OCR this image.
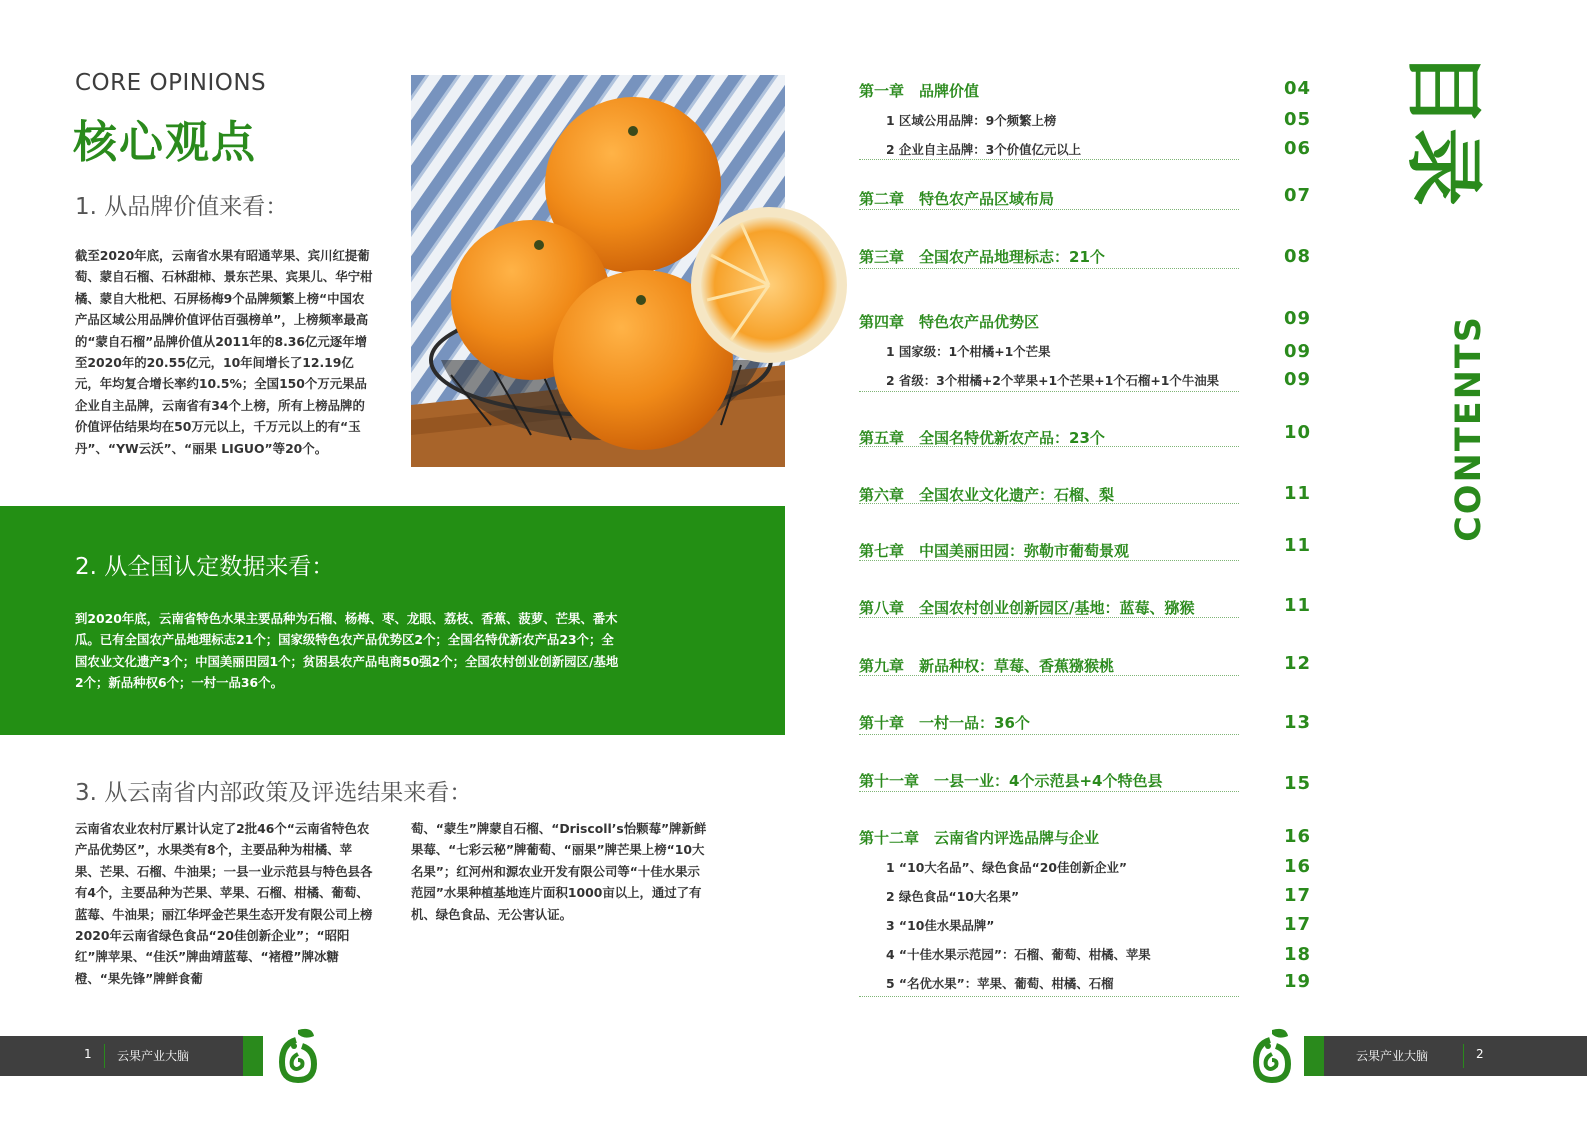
CORE OPINIONS
核心观点
1. 从品牌价值来看：
截至2020年底，云南省水果有昭通苹果、宾川红提葡萄、蒙自石榴、石林甜柿、景东芒果、宾果儿、华宁柑橘、蒙自大枇杷、石屏杨梅9个品牌频繁上榜“中国农产品区域公用品牌价值评估百强榜单”，上榜频率最高的“蒙自石榴”品牌价值从2011年的8.36亿元逐年增至2020年的20.55亿元，10年间增长了12.19亿元，年均复合增长率约10.5%；全国150个万元果品企业自主品牌，云南省有34个上榜，所有上榜品牌的价值评估结果均在50万元以上，千万元以上的有“玉丹”、“YW云沃”、“丽果 LIGUO”等20个。
2. 从全国认定数据来看：
到2020年底，云南省特色水果主要品种为石榴、杨梅、枣、龙眼、荔枝、香蕉、菠萝、芒果、番木瓜。已有全国农产品地理标志21个；国家级特色农产品优势区2个；全国名特优新农产品23个；全国农业文化遗产3个；中国美丽田园1个；贫困县农产品电商50强2个；全国农村创业创新园区/基地2个；新品种权6个；一村一品36个。
3. 从云南省内部政策及评选结果来看：
云南省农业农村厅累计认定了2批46个“云南省特色农产品优势区”，水果类有8个，主要品种为柑橘、苹果、芒果、石榴、牛油果；一县一业示范县与特色县各有4个，主要品种为芒果、苹果、石榴、柑橘、葡萄、蓝莓、牛油果；丽江华坪金芒果生态开发有限公司上榜2020年云南省绿色食品“20佳创新企业”；“昭阳红”牌苹果、“佳沃”牌曲靖蓝莓、“褚橙”牌冰糖橙、“果先锋”牌鲜食葡
萄、“蒙生”牌蒙自石榴、“Driscoll’s怡颗莓”牌新鲜果莓、“七彩云秘”牌葡萄、“丽果”牌芒果上榜“10大名果”；红河州和源农业开发有限公司等“十佳水果示范园”水果种植基地连片面积1000亩以上，通过了有机、绿色食品、无公害认证。
1 云果产业大脑
第一章　品牌价值	04
1 区域公用品牌：9个频繁上榜	05
2 企业自主品牌：3个价值亿元以上	06
第二章　特色农产品区域布局	07
第三章　全国农产品地理标志：21个	08
第四章　特色农产品优势区	09
1 国家级：1个柑橘+1个芒果	09
2 省级：3个柑橘+2个苹果+1个芒果+1个石榴+1个牛油果	09
第五章　全国名特优新农产品：23个	10
第六章　全国农业文化遗产：石榴、梨	11
第七章　中国美丽田园：弥勒市葡萄景观	11
第八章　全国农村创业创新园区/基地：蓝莓、猕猴	11
第九章　新品种权：草莓、香蕉猕猴桃	12
第十章　一村一品：36个	13
第十一章　一县一业：4个示范县+4个特色县	15
第十二章　云南省内评选品牌与企业	16
1 “10大名品”、绿色食品“20佳创新企业”	16
2 绿色食品“10大名果”	17
3 “10佳水果品牌”	17
4 “十佳水果示范园”：石榴、葡萄、柑橘、苹果	18
5 “名优水果”：苹果、葡萄、柑橘、石榴	19
目录
CONTENTS
云果产业大脑	2
